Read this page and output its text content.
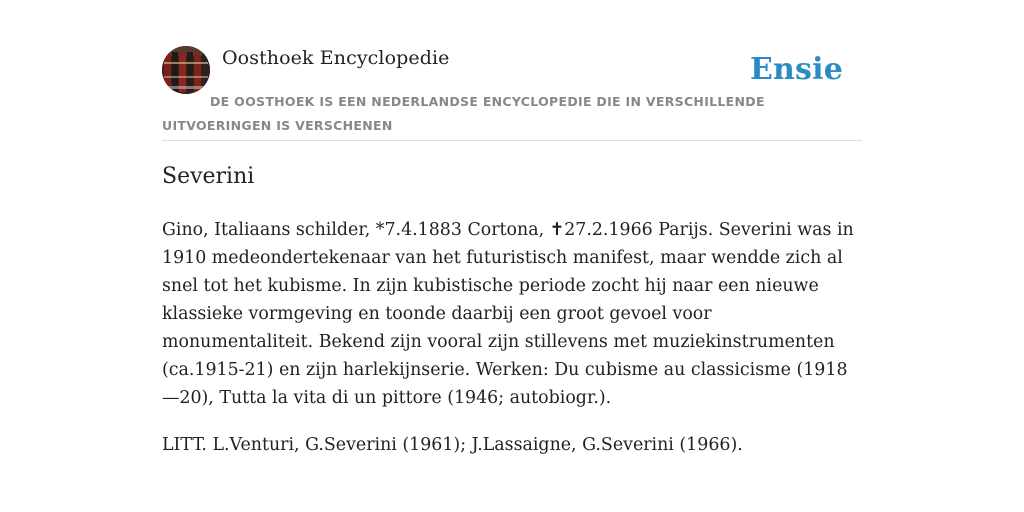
Oosthoek Encyclopedie	Ensie
DE OOSTHOEK IS EEN NEDERLANDSE ENCYCLOPEDIE DIE IN VERSCHILLENDE UITVOERINGEN IS VERSCHENEN
Severini

Gino, Italiaans schilder, *7.4.1883 Cortona, ✝27.2.1966 Parijs. Severini was in 1910 medeondertekenaar van het futuristisch manifest, maar wendde zich al snel tot het kubisme. In zijn kubistische periode zocht hij naar een nieuwe klassieke vormgeving en toonde daarbij een groot gevoel voor monumentaliteit. Bekend zijn vooral zijn stillevens met muziekinstrumenten (ca.1915-21) en zijn harlekijnserie. Werken: Du cubisme au classicisme (1918—20), Tutta la vita di un pittore (1946; autobiogr.).

LITT. L.Venturi, G.Severini (1961); J.Lassaigne, G.Severini (1966).
